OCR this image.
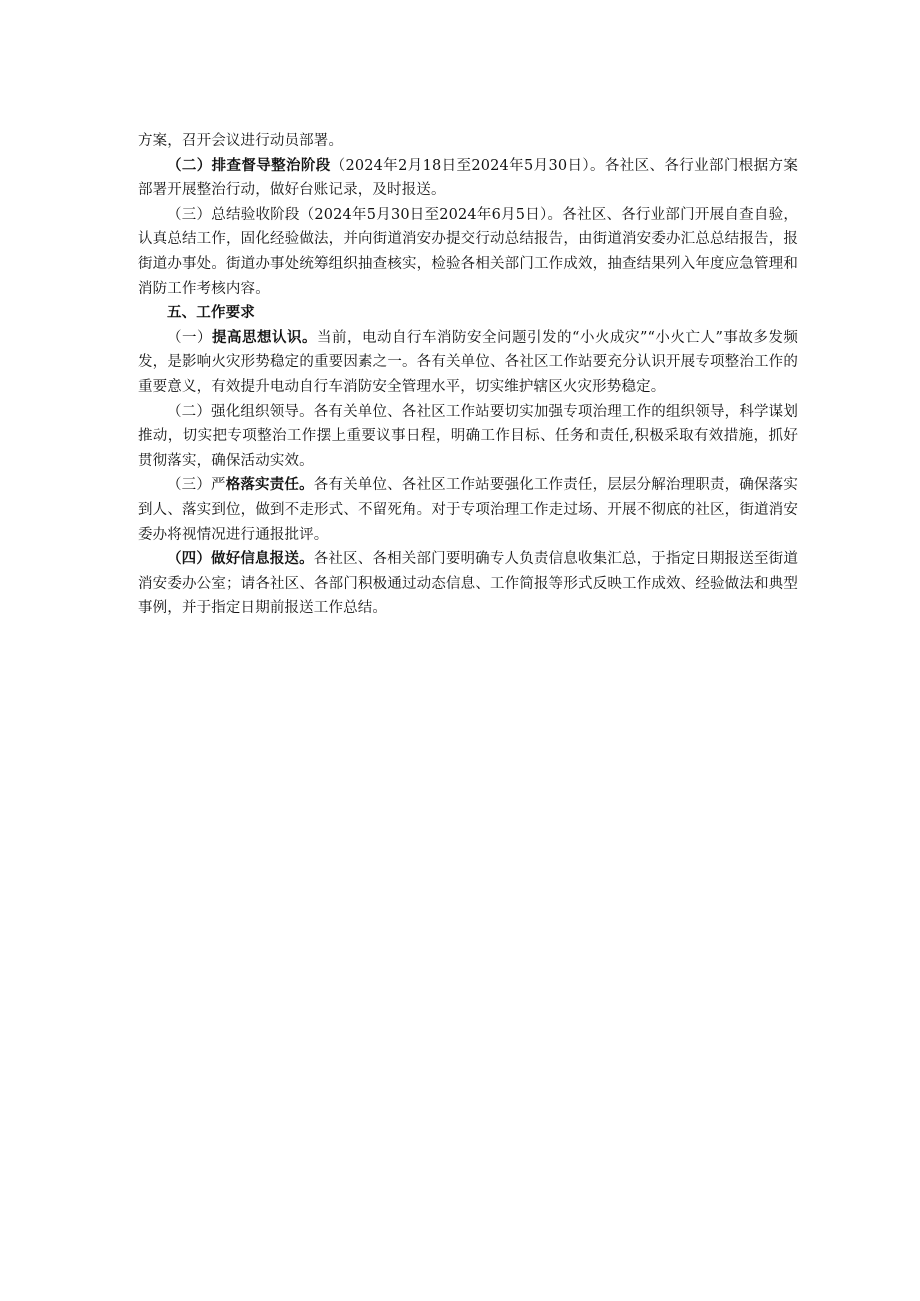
方案，召开会议进行动员部署。

（二）排查督导整治阶段（2024年2月18日至2024年5月30日）。各社区、各行业部门根据方案部署开展整治行动，做好台账记录，及时报送。

（三）总结验收阶段（2024年5月30日至2024年6月5日）。各社区、各行业部门开展自查自验，认真总结工作，固化经验做法，并向街道消安办提交行动总结报告，由街道消安委办汇总总结报告，报街道办事处。街道办事处统筹组织抽查核实，检验各相关部门工作成效，抽查结果列入年度应急管理和消防工作考核内容。

五、工作要求

（一）提高思想认识。当前，电动自行车消防安全问题引发的“小火成灾”“小火亡人”事故多发频发，是影响火灾形势稳定的重要因素之一。各有关单位、各社区工作站要充分认识开展专项整治工作的重要意义，有效提升电动自行车消防安全管理水平，切实维护辖区火灾形势稳定。

（二）强化组织领导。各有关单位、各社区工作站要切实加强专项治理工作的组织领导，科学谋划推动，切实把专项整治工作摆上重要议事日程，明确工作目标、任务和责任,积极采取有效措施，抓好贯彻落实，确保活动实效。

（三）严格落实责任。各有关单位、各社区工作站要强化工作责任，层层分解治理职责，确保落实到人、落实到位，做到不走形式、不留死角。对于专项治理工作走过场、开展不彻底的社区，街道消安委办将视情况进行通报批评。

（四）做好信息报送。各社区、各相关部门要明确专人负责信息收集汇总，于指定日期报送至街道消安委办公室；请各社区、各部门积极通过动态信息、工作简报等形式反映工作成效、经验做法和典型事例，并于指定日期前报送工作总结。
